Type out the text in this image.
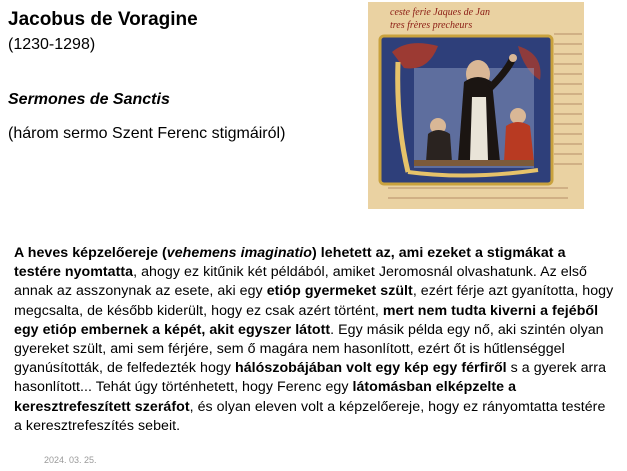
Jacobus de Voragine
(1230-1298)
Sermones de Sanctis
(három sermo Szent Ferenc stigmáiról)
ceste ferie Jaques de Jan
tres frères precheurs
A heves képzelőereje (vehemens imaginatio) lehetett az, ami ezeket a stigmákat a testére nyomtatta, ahogy ez kitűnik két példából, amiket Jeromosnál olvashatunk. Az első annak az asszonynak az esete, aki egy etióp gyermeket szült, ezért férje azt gyanította, hogy megcsalta, de később kiderült, hogy ez csak azért történt, mert nem tudta kiverni a fejéből egy etióp embernek a képét, akit egyszer látott. Egy másik példa egy nő, aki szintén olyan gyereket szült, ami sem férjére, sem ő magára nem hasonlított, ezért őt is hűtlenséggel gyanúsították, de felfedezték hogy hálószobájában volt egy kép egy férfiről s a gyerek arra hasonlított... Tehát úgy történhetett, hogy Ferenc egy látomásban elképzelte a keresztrefeszített szeráfot, és olyan eleven volt a képzelőereje, hogy ez rányomtatta testére a keresztrefeszítés sebeit.
2024. 03. 25.
